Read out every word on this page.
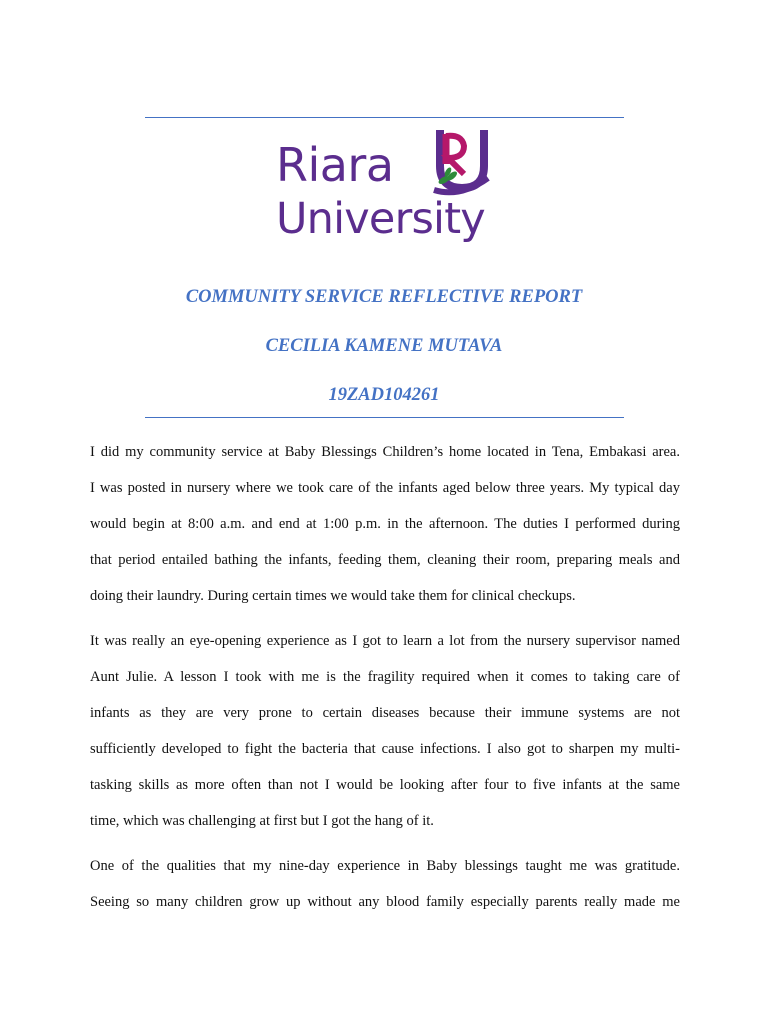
Riara
University
COMMUNITY SERVICE REFLECTIVE REPORT
CECILIA KAMENE MUTAVA
19ZAD104261
I did my community service at Baby Blessings Children’s home located in Tena, Embakasi area.
I was posted in nursery where we took care of the infants aged below three years. My typical day
would begin at 8:00 a.m. and end at 1:00 p.m. in the afternoon. The duties I performed during
that period entailed bathing the infants, feeding them, cleaning their room, preparing meals and
doing their laundry. During certain times we would take them for clinical checkups.
It was really an eye-opening experience as I got to learn a lot from the nursery supervisor named
Aunt Julie. A lesson I took with me is the fragility required when it comes to taking care of
infants as they are very prone to certain diseases because their immune systems are not
sufficiently developed to fight the bacteria that cause infections. I also got to sharpen my multi-
tasking skills as more often than not I would be looking after four to five infants at the same
time, which was challenging at first but I got the hang of it.
One of the qualities that my nine-day experience in Baby blessings taught me was gratitude.
Seeing so many children grow up without any blood family especially parents really made me
